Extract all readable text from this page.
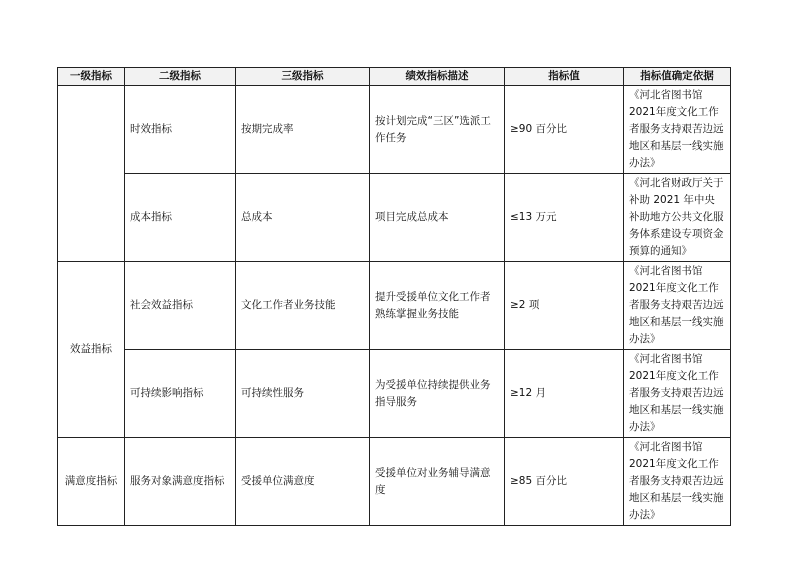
一级指标	二级指标	三级指标	绩效指标描述	指标值	指标值确定依据
	时效指标	按期完成率	按计划完成“三区”选派工作任务	≥90 百分比	《河北省图书馆 2021年度文化工作者服务支持艰苦边远地区和基层一线实施办法》
	成本指标	总成本	项目完成总成本	≤13 万元	《河北省财政厅关于补助 2021 年中央补助地方公共文化服务体系建设专项资金预算的通知》
效益指标	社会效益指标	文化工作者业务技能	提升受援单位文化工作者熟练掌握业务技能	≥2 项	《河北省图书馆 2021年度文化工作者服务支持艰苦边远地区和基层一线实施办法》
	可持续影响指标	可持续性服务	为受援单位持续提供业务指导服务	≥12 月	《河北省图书馆 2021年度文化工作者服务支持艰苦边远地区和基层一线实施办法》
满意度指标	服务对象满意度指标	受援单位满意度	受援单位对业务辅导满意度	≥85 百分比	《河北省图书馆 2021年度文化工作者服务支持艰苦边远地区和基层一线实施办法》
